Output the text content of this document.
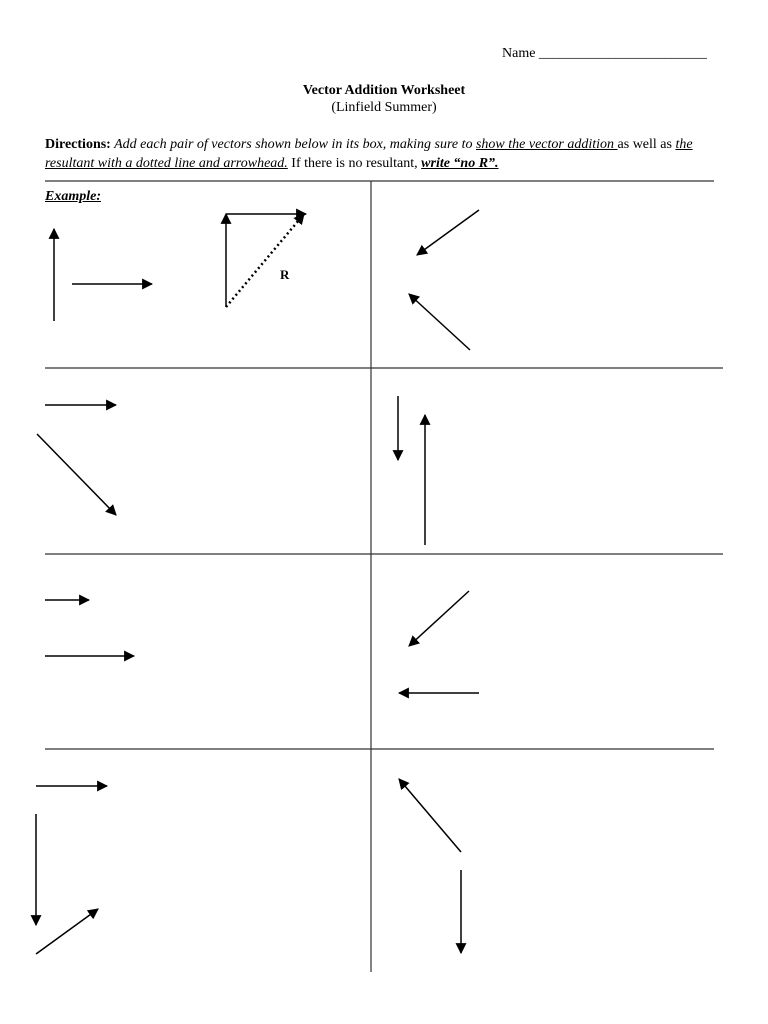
Name ________________________
Vector Addition Worksheet
(Linfield Summer)
Directions: Add each pair of vectors shown below in its box, making sure to show the vector addition as well as the resultant with a dotted line and arrowhead. If there is no resultant, write “no R”.
Example:
R
